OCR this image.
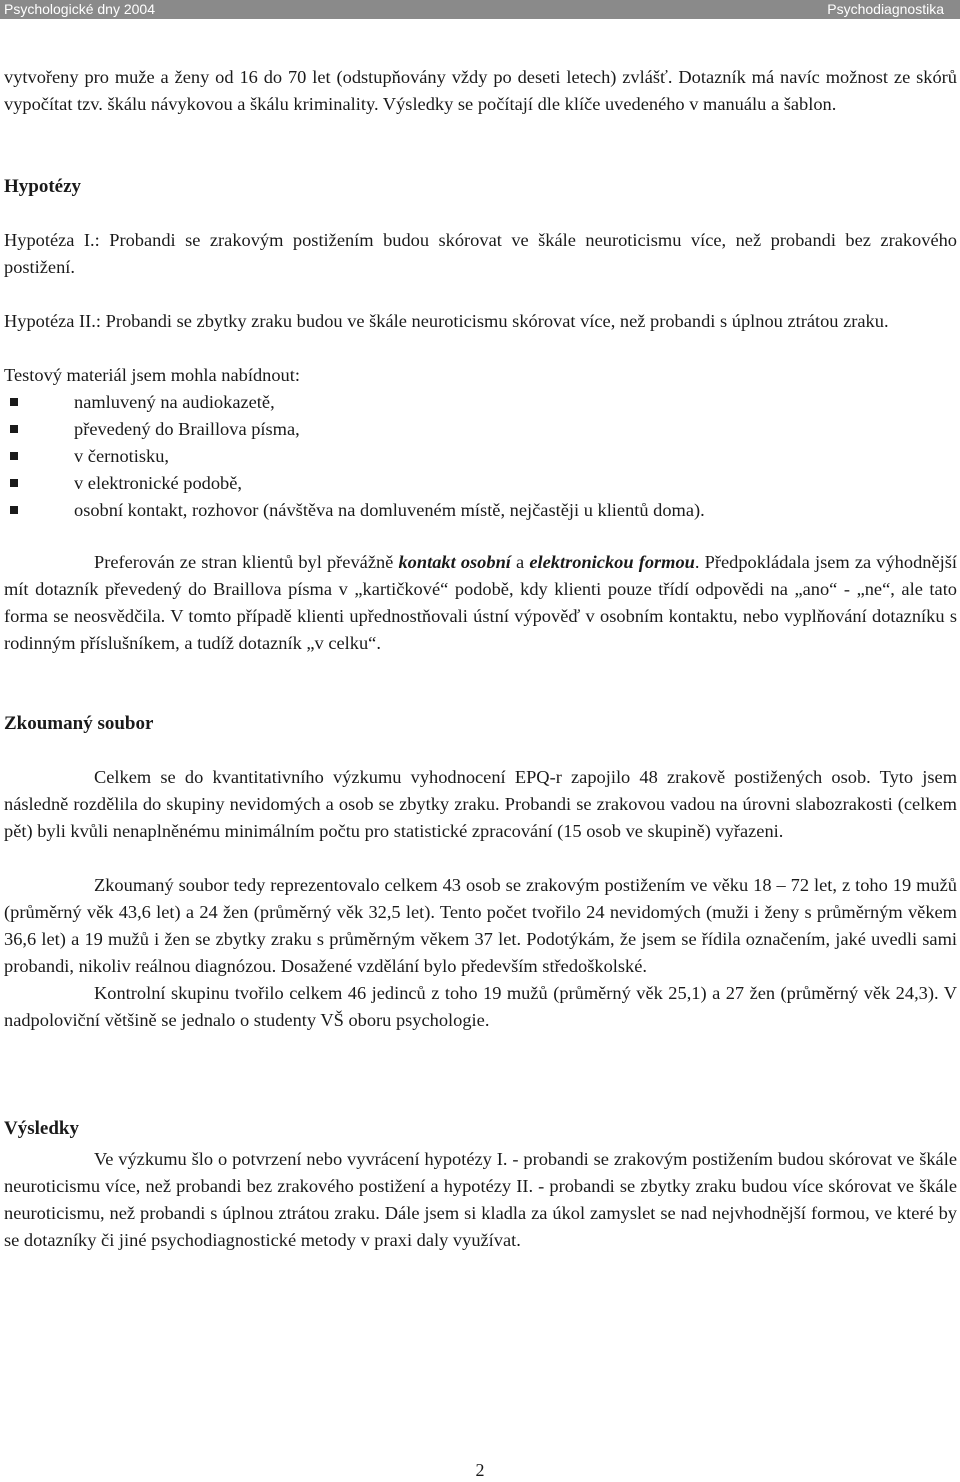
Psychologické dny 2004	Psychodiagnostika

vytvořeny pro muže a ženy od 16 do 70 let (odstupňovány vždy po deseti letech) zvlášť. Dotazník má navíc možnost ze skórů vypočítat tzv. škálu návykovou a škálu kriminality. Výsledky se počítají dle klíče uvedeného v manuálu a šablon.

Hypotézy

Hypotéza I.: Probandi se zrakovým postižením budou skórovat ve škále neuroticismu více, než probandi bez zrakového postižení.

Hypotéza II.: Probandi se zbytky zraku budou ve škále neuroticismu skórovat více, než probandi s úplnou ztrátou zraku.

Testový materiál jsem mohla nabídnout:

namluvený na audiokazetě,
převedený do Braillova písma,
v černotisku,
v elektronické podobě,
osobní kontakt, rozhovor (návštěva na domluveném místě, nejčastěji u klientů doma).

Preferován ze stran klientů byl převážně kontakt osobní a elektronickou formou. Předpokládala jsem za výhodnější mít dotazník převedený do Braillova písma v „kartičkové“ podobě, kdy klienti pouze třídí odpovědi na „ano“ - „ne“, ale tato forma se neosvědčila. V tomto případě klienti upřednostňovali ústní výpověď v osobním kontaktu, nebo vyplňování dotazníku s rodinným příslušníkem, a tudíž dotazník „v celku“.

Zkoumaný soubor

Celkem se do kvantitativního výzkumu vyhodnocení EPQ-r zapojilo 48 zrakově postižených osob. Tyto jsem následně rozdělila do skupiny nevidomých a osob se zbytky zraku. Probandi se zrakovou vadou na úrovni slabozrakosti (celkem pět) byli kvůli nenaplněnému minimálním počtu pro statistické zpracování (15 osob ve skupině) vyřazeni.

Zkoumaný soubor tedy reprezentovalo celkem 43 osob se zrakovým postižením ve věku 18 – 72 let, z toho 19 mužů (průměrný věk 43,6 let) a 24 žen (průměrný věk 32,5 let). Tento počet tvořilo 24 nevidomých (muži i ženy s průměrným věkem 36,6 let) a 19 mužů i žen se zbytky zraku s průměrným věkem 37 let. Podotýkám, že jsem se řídila označením, jaké uvedli sami probandi, nikoliv reálnou diagnózou. Dosažené vzdělání bylo především středoškolské.

Kontrolní skupinu tvořilo celkem 46 jedinců z toho 19 mužů (průměrný věk 25,1) a 27 žen (průměrný věk 24,3). V nadpoloviční většině se jednalo o studenty VŠ oboru psychologie.

Výsledky

Ve výzkumu šlo o potvrzení nebo vyvrácení hypotézy I. - probandi se zrakovým postižením budou skórovat ve škále neuroticismu více, než probandi bez zrakového postižení a hypotézy II. - probandi se zbytky zraku budou více skórovat ve škále neuroticismu, než probandi s úplnou ztrátou zraku. Dále jsem si kladla za úkol zamyslet se nad nejvhodnější formou, ve které by se dotazníky či jiné psychodiagnostické metody v praxi daly využívat.

2
